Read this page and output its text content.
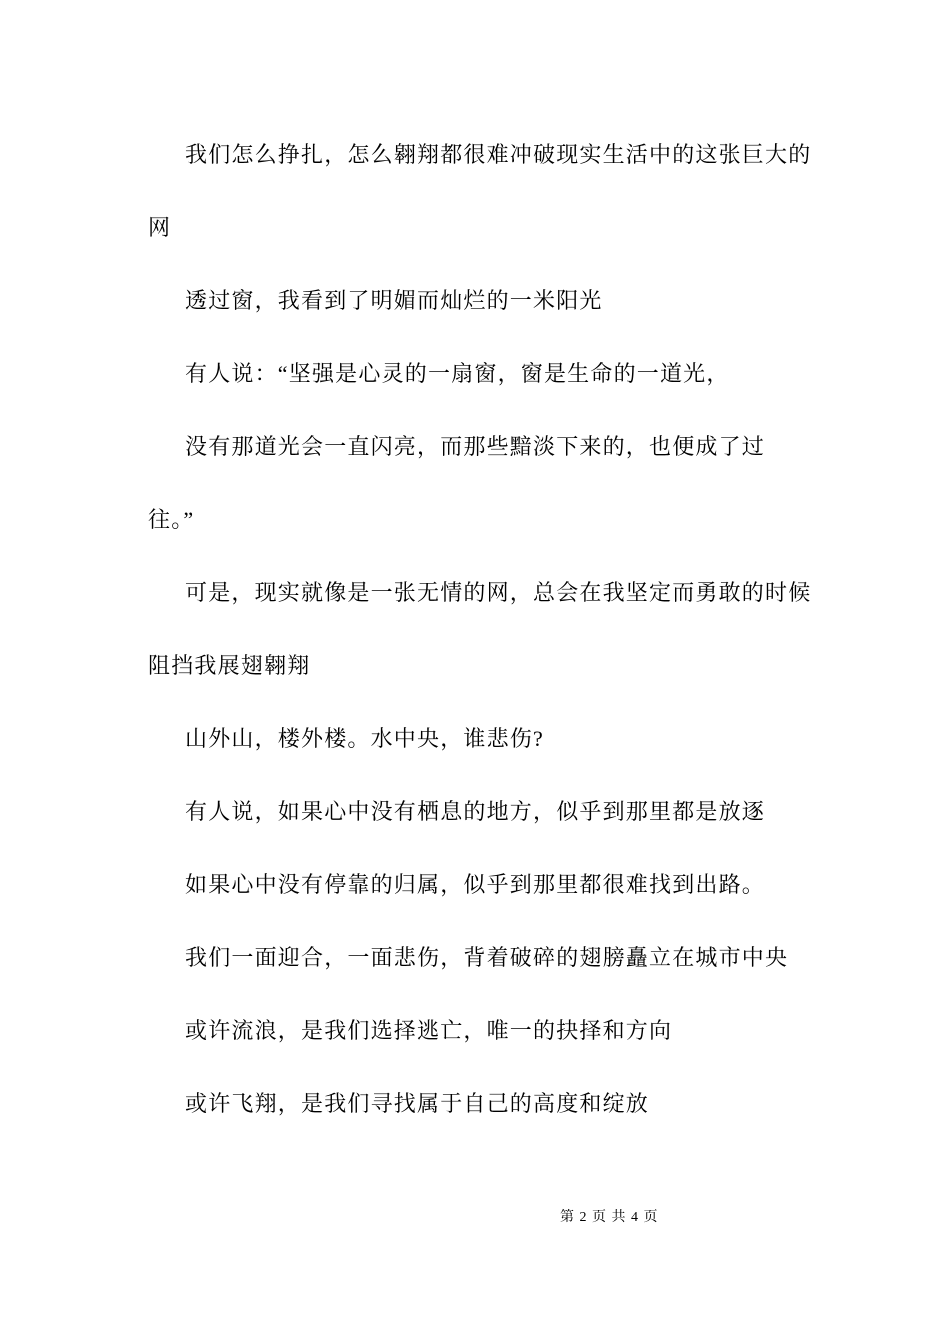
我们怎么挣扎，怎么翱翔都很难冲破现实生活中的这张巨大的
网
透过窗，我看到了明媚而灿烂的一米阳光
有人说：“坚强是心灵的一扇窗，窗是生命的一道光，
没有那道光会一直闪亮，而那些黯淡下来的，也便成了过
往。”
可是，现实就像是一张无情的网，总会在我坚定而勇敢的时候
阻挡我展翅翱翔
山外山，楼外楼。水中央，谁悲伤?
有人说，如果心中没有栖息的地方，似乎到那里都是放逐
如果心中没有停靠的归属，似乎到那里都很难找到出路。
我们一面迎合，一面悲伤，背着破碎的翅膀矗立在城市中央
或许流浪，是我们选择逃亡，唯一的抉择和方向
或许飞翔，是我们寻找属于自己的高度和绽放
第 2 页 共 4 页
